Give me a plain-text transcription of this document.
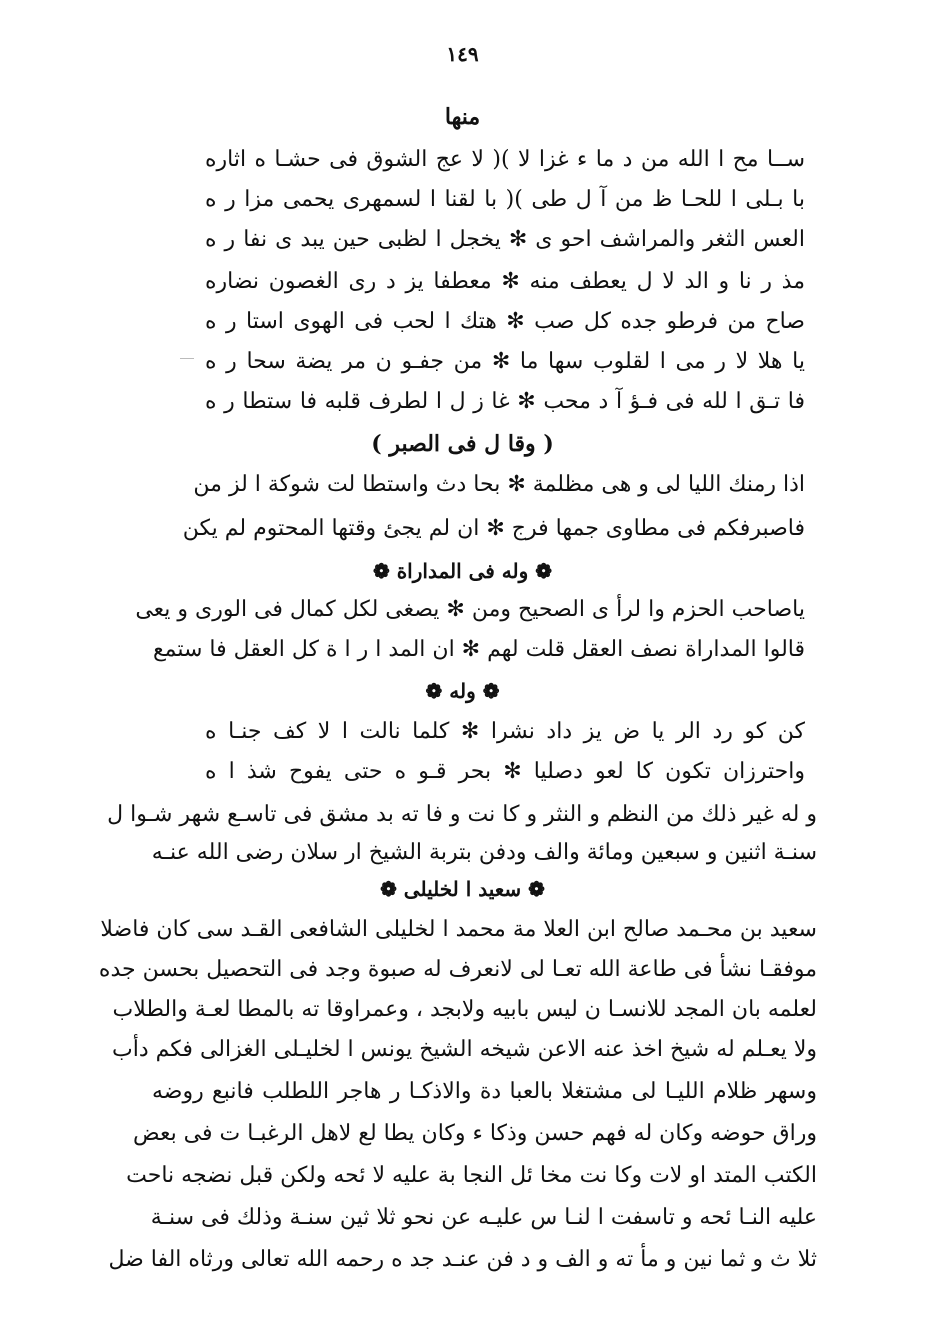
١٤٩
منها
ســا مح ا الله من د ما ء غزا لا )( لا عج الشوق فى حشـا ه اثاره
با بـلى ا للحـا ظ من آ ل طى )( با لقنا ا لسمهرى يحمى مزا ر ه
العس الثغر والمراشف احو ى ✻ يخجل ا لظبى حين يبد ى نفا ر ه
مذ ر نا و الد لا ل يعطف منه ✻ معطفا يز د رى الغصون نضاره
صاح من فرطو جده كل صب ✻ هتك ا لحب فى الهوى استا ر ه
يا هلا لا ر مى ا لقلوب سها ما ✻ من جفـو ن مر يضة سحا ر ه
فا تـق ا لله فى فـؤ آ د محب ✻ غا ز ل ا لطرف قلبه فا ستطا ر ه
( وقا ل فى الصبر )
اذا رمنك الليا لى و هى مظلمة ✻ بحا دث واستطا لت شوكة ا لز من
فاصبرفكم فى مطاوى جمها فرج ✻ ان لم يجئ وقتها المحتوم لم يكن
❁ وله فى المداراة ❁
ياصاحب الحزم وا لرأ ى الصحيح ومن ✻ يصغى لكل كمال فى الورى و يعى
قالوا المداراة نصف العقل قلت لهم ✻ ان المد ا ر ا ة كل العقل فا ستمع
❁ وله ❁
كن كو رد الر يا ض يز داد نشرا ✻ كلما نالت ا لا كف جنـا ه
واحترزان تكون كا لعو دصليا ✻ بحر قـو ه حتى يفوح شذ ا ه
و له غير ذلك من النظم و النثر و كا نت و فا ته بد مشق فى تاسـع شهر شـوا ل
سنـة اثنين و سبعين ومائة والف ودفن بتربة الشيخ ار سلان رضى الله عنـه
❁ سعيد ا لخليلى ❁
سعيد بن محـمد صالح ابن العلا مة محمد ا لخليلى الشافعى القـد سى كان فاضلا
موفقـا نشأ فى طاعة الله تعـا لى لانعرف له صبوة وجد فى التحصيل بحسن جده
لعلمه بان المجد للانسـا ن ليس بابيه ولابجد ، وعمراوقا ته بالمطا لعـة والطلاب
ولا يعـلم له شيخ اخذ عنه الاعن شيخه الشيخ يونس ا لخليـلى الغزالى فكم دأب
وسهر ظلام الليـا لى مشتغلا بالعبا دة والاذكـا ر هاجر اللطلب فانبع روضه
وراق حوضه وكان له فهم حسن وذكا ء وكان يطا لع لاهل الرغبـا ت فى بعض
الكتب المتد او لات وكا نت مخا ئل النجا بة عليه لا ئحه ولكن قبل نضجه ناحت
عليه النـا ئحه و تاسفت ا لنـا س عليـه عن نحو ثلا ثين سنـة وذلك فى سنـة
ثلا ث و ثما نين و مأ ته و الف و د فن عنـد جد ه رحمه الله تعالى ورثاه الفا ضل
